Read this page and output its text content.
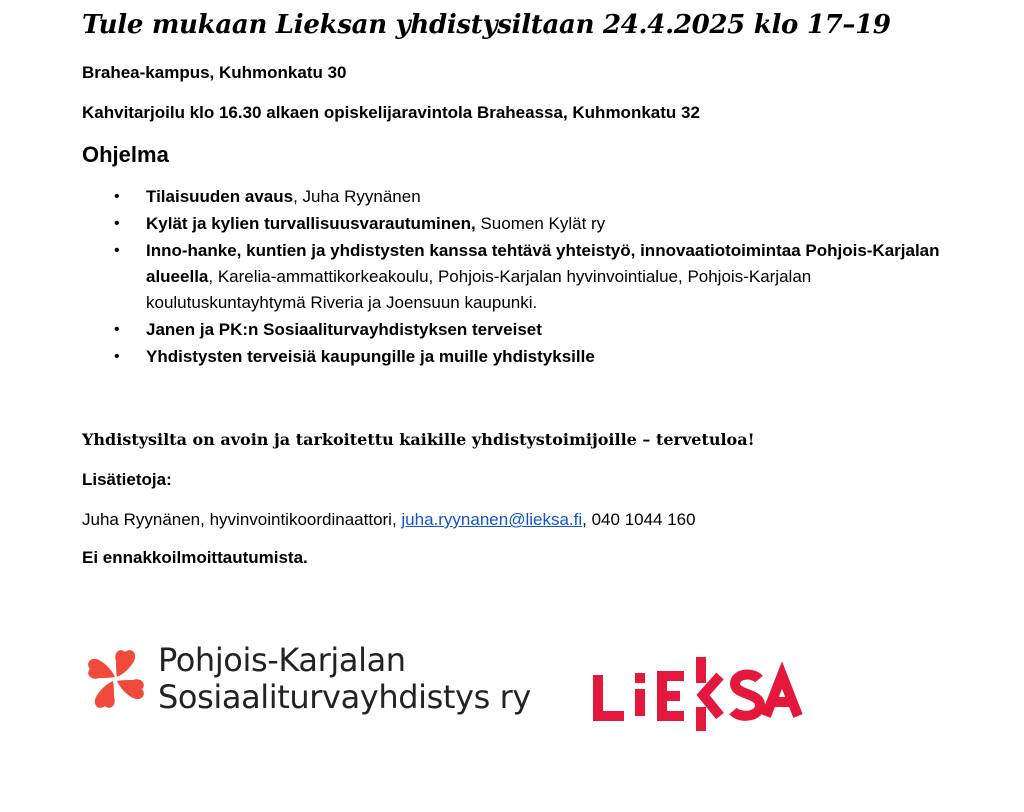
Tule mukaan Lieksan yhdistysiltaan 24.4.2025 klo 17–19
Brahea-kampus, Kuhmonkatu 30
Kahvitarjoilu klo 16.30 alkaen opiskelijaravintola Braheassa, Kuhmonkatu 32
Ohjelma
• Tilaisuuden avaus, Juha Ryynänen
• Kylät ja kylien turvallisuusvarautuminen, Suomen Kylät ry
• Inno-hanke, kuntien ja yhdistysten kanssa tehtävä yhteistyö, innovaatiotoimintaa Pohjois-Karjalan alueella, Karelia-ammattikorkeakoulu, Pohjois-Karjalan hyvinvointialue, Pohjois-Karjalan koulutuskuntayhtymä Riveria ja Joensuun kaupunki.
• Janen ja PK:n Sosiaaliturvayhdistyksen terveiset
• Yhdistysten terveisiä kaupungille ja muille yhdistyksille
Yhdistysilta on avoin ja tarkoitettu kaikille yhdistystoimijoille – tervetuloa!
Lisätietoja:
Juha Ryynänen, hyvinvointikoordinaattori, juha.ryynanen@lieksa.fi, 040 1044 160
Ei ennakkoilmoittautumista.
Pohjois-Karjalan
Sosiaaliturvayhdistys ry
